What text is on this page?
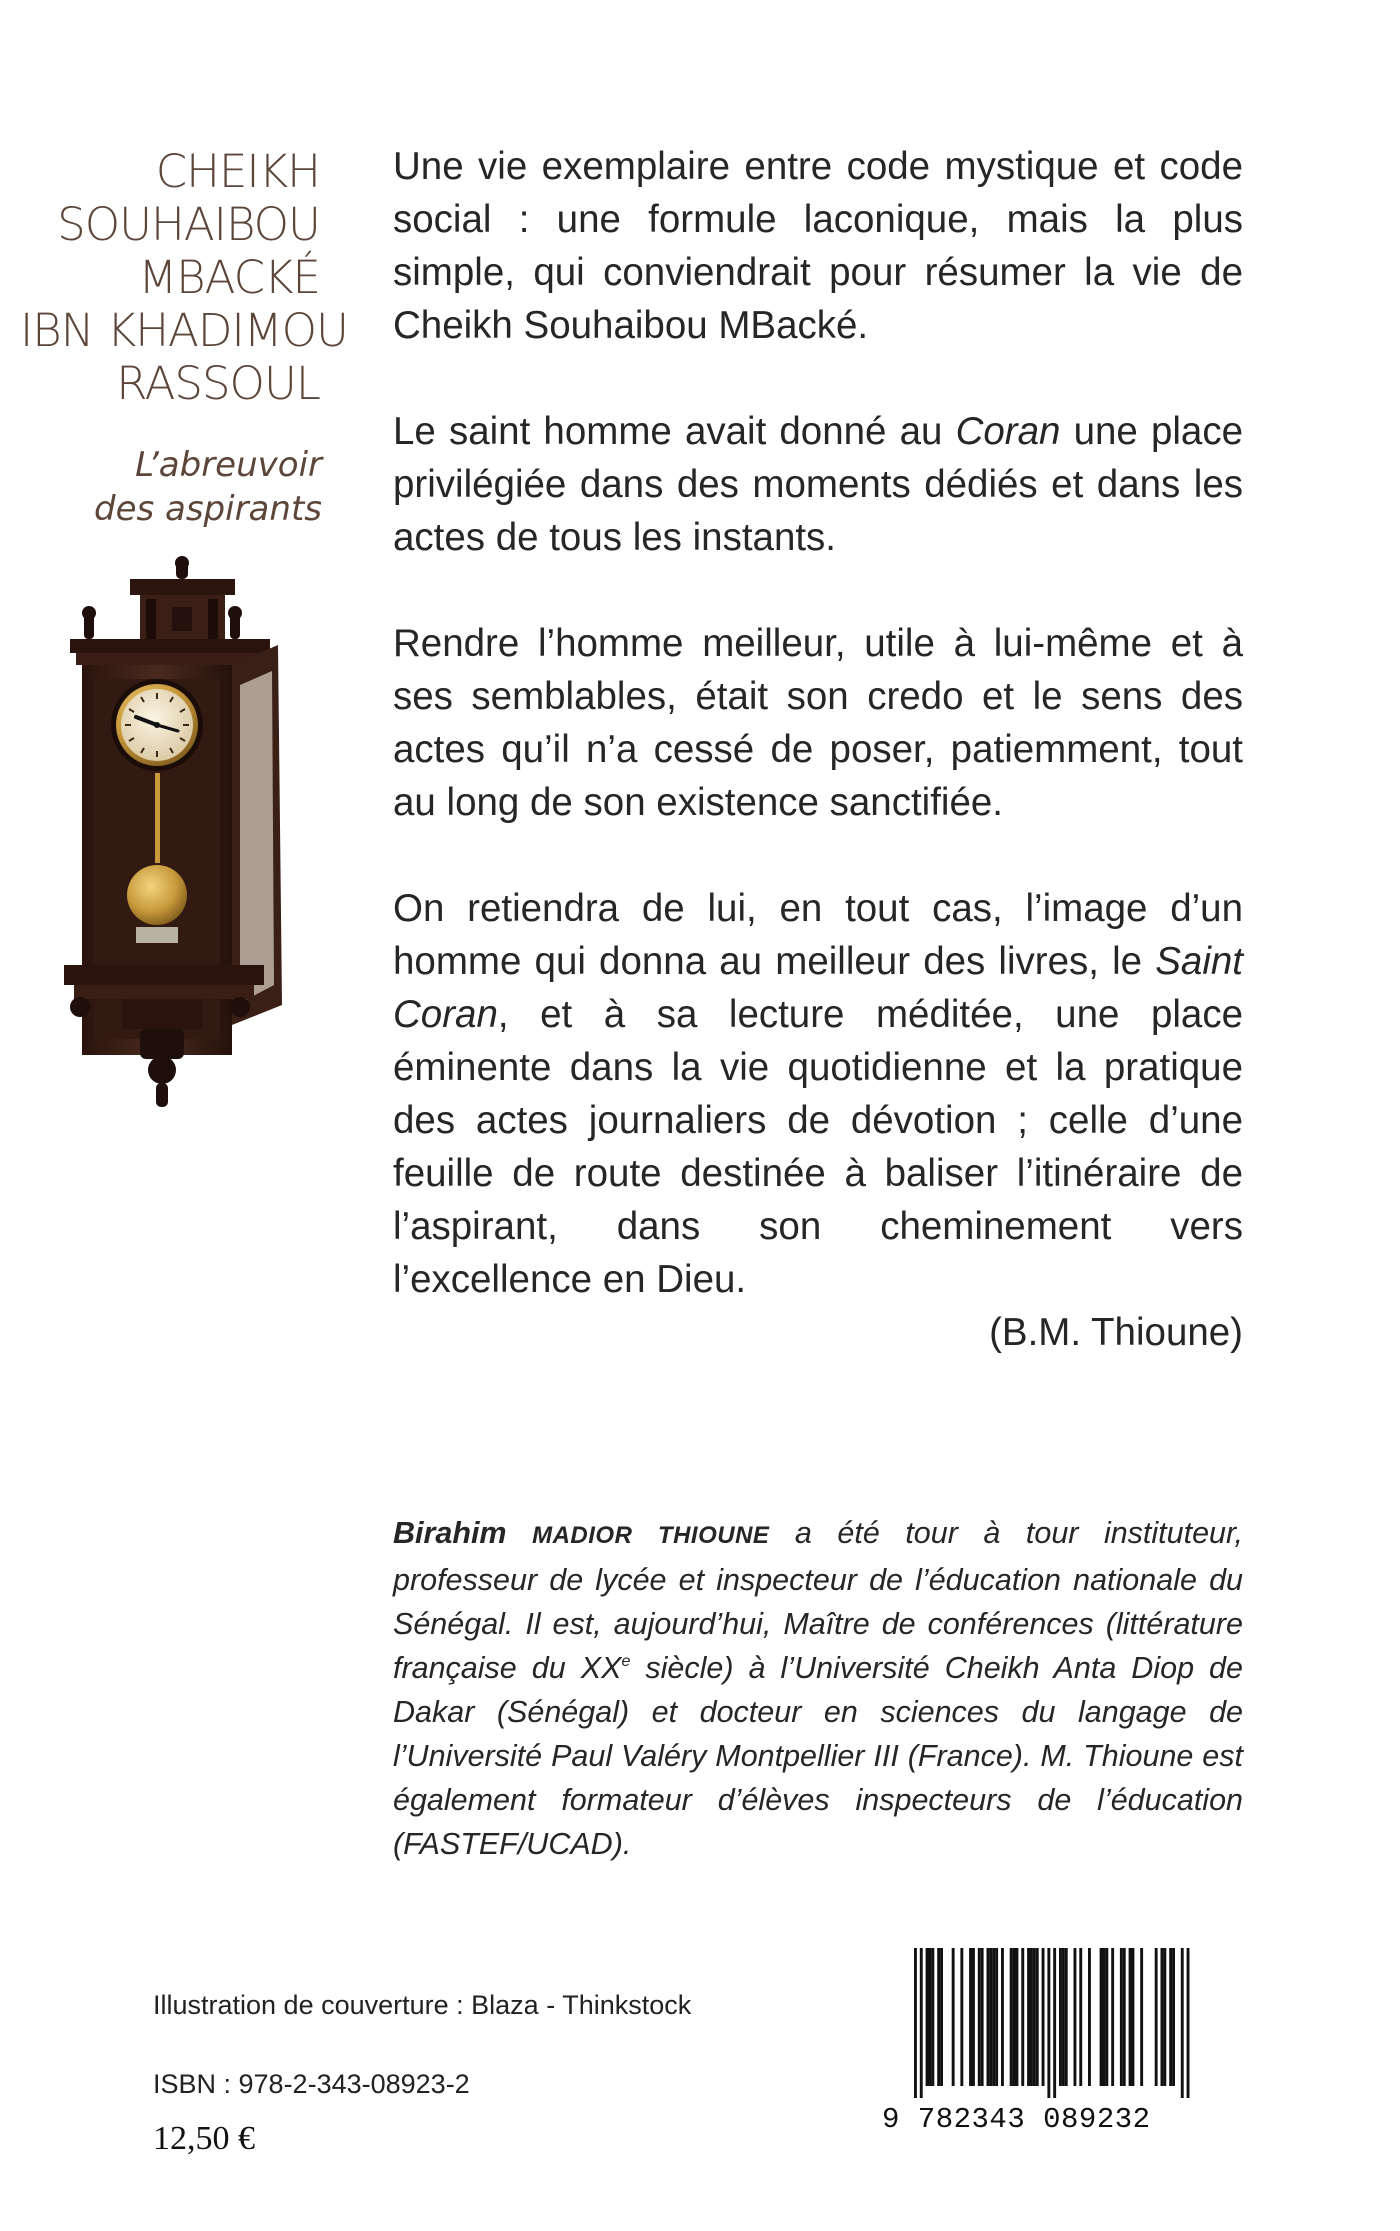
CHEIKH
SOUHAIBOU
MBACKÉ
IBN KHADIMOU
RASSOUL
L’abreuvoir
des aspirants

Une vie exemplaire entre code mystique et code social : une formule laconique, mais la plus simple, qui conviendrait pour résumer la vie de Cheikh Souhaibou MBacké.

Le saint homme avait donné au Coran une place privilégiée dans des moments dédiés et dans les actes de tous les instants.

Rendre l’homme meilleur, utile à lui-même et à ses semblables, était son credo et le sens des actes qu’il n’a cessé de poser, patiemment, tout au long de son existence sanctifiée.

On retiendra de lui, en tout cas, l’image d’un homme qui donna au meilleur des livres, le Saint Coran, et à sa lecture méditée, une place éminente dans la vie quotidienne et la pratique des actes journaliers de dévotion ; celle d’une feuille de route destinée à baliser l’itinéraire de l’aspirant, dans son cheminement vers l’excellence en Dieu.

(B.M. Thioune)
Birahim MADIOR THIOUNE a été tour à tour instituteur, professeur de lycée et inspecteur de l’éducation nationale du Sénégal. Il est, aujourd’hui, Maître de conférences (littérature française du XXe siècle) à l’Université Cheikh Anta Diop de Dakar (Sénégal) et docteur en sciences du langage de l’Université Paul Valéry Montpellier III (France). M. Thioune est également formateur d’élèves inspecteurs de l’éducation (FASTEF/UCAD).
Illustration de couverture : Blaza - Thinkstock
ISBN : 978-2-343-08923-2
12,50 €
9 782343 089232
